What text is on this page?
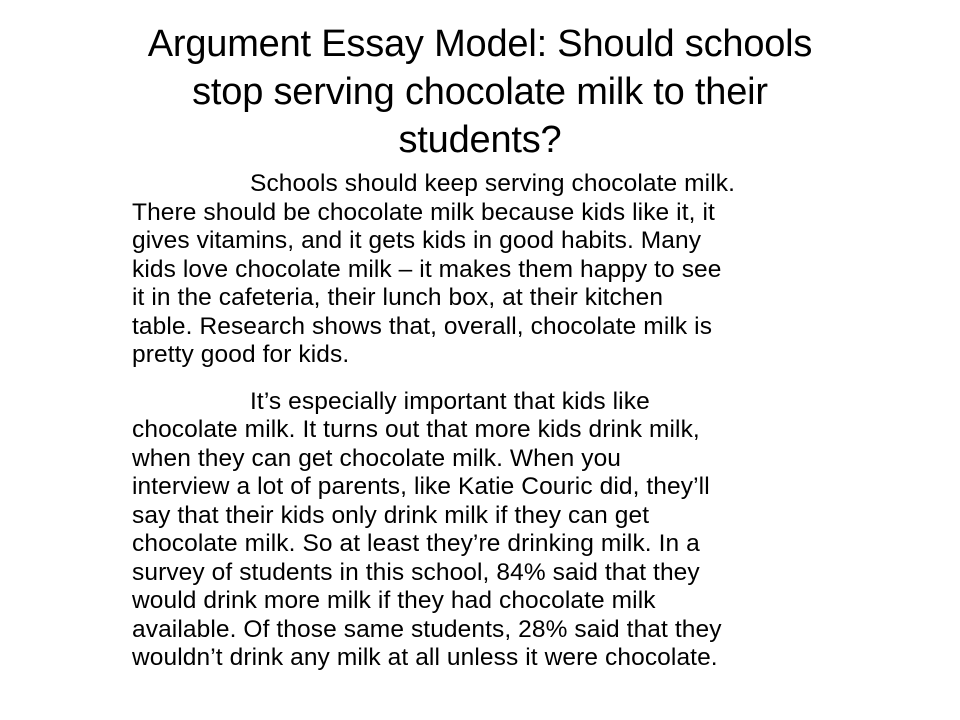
Argument Essay Model: Should schools
stop serving chocolate milk to their
students?

Schools should keep serving chocolate milk.
There should be chocolate milk because kids like it, it
gives vitamins, and it gets kids in good habits. Many
kids love chocolate milk – it makes them happy to see
it in the cafeteria, their lunch box, at their kitchen
table. Research shows that, overall, chocolate milk is
pretty good for kids.

It’s especially important that kids like
chocolate milk. It turns out that more kids drink milk,
when they can get chocolate milk. When you
interview a lot of parents, like Katie Couric did, they’ll
say that their kids only drink milk if they can get
chocolate milk. So at least they’re drinking milk. In a
survey of students in this school, 84% said that they
would drink more milk if they had chocolate milk
available. Of those same students, 28% said that they
wouldn’t drink any milk at all unless it were chocolate.
